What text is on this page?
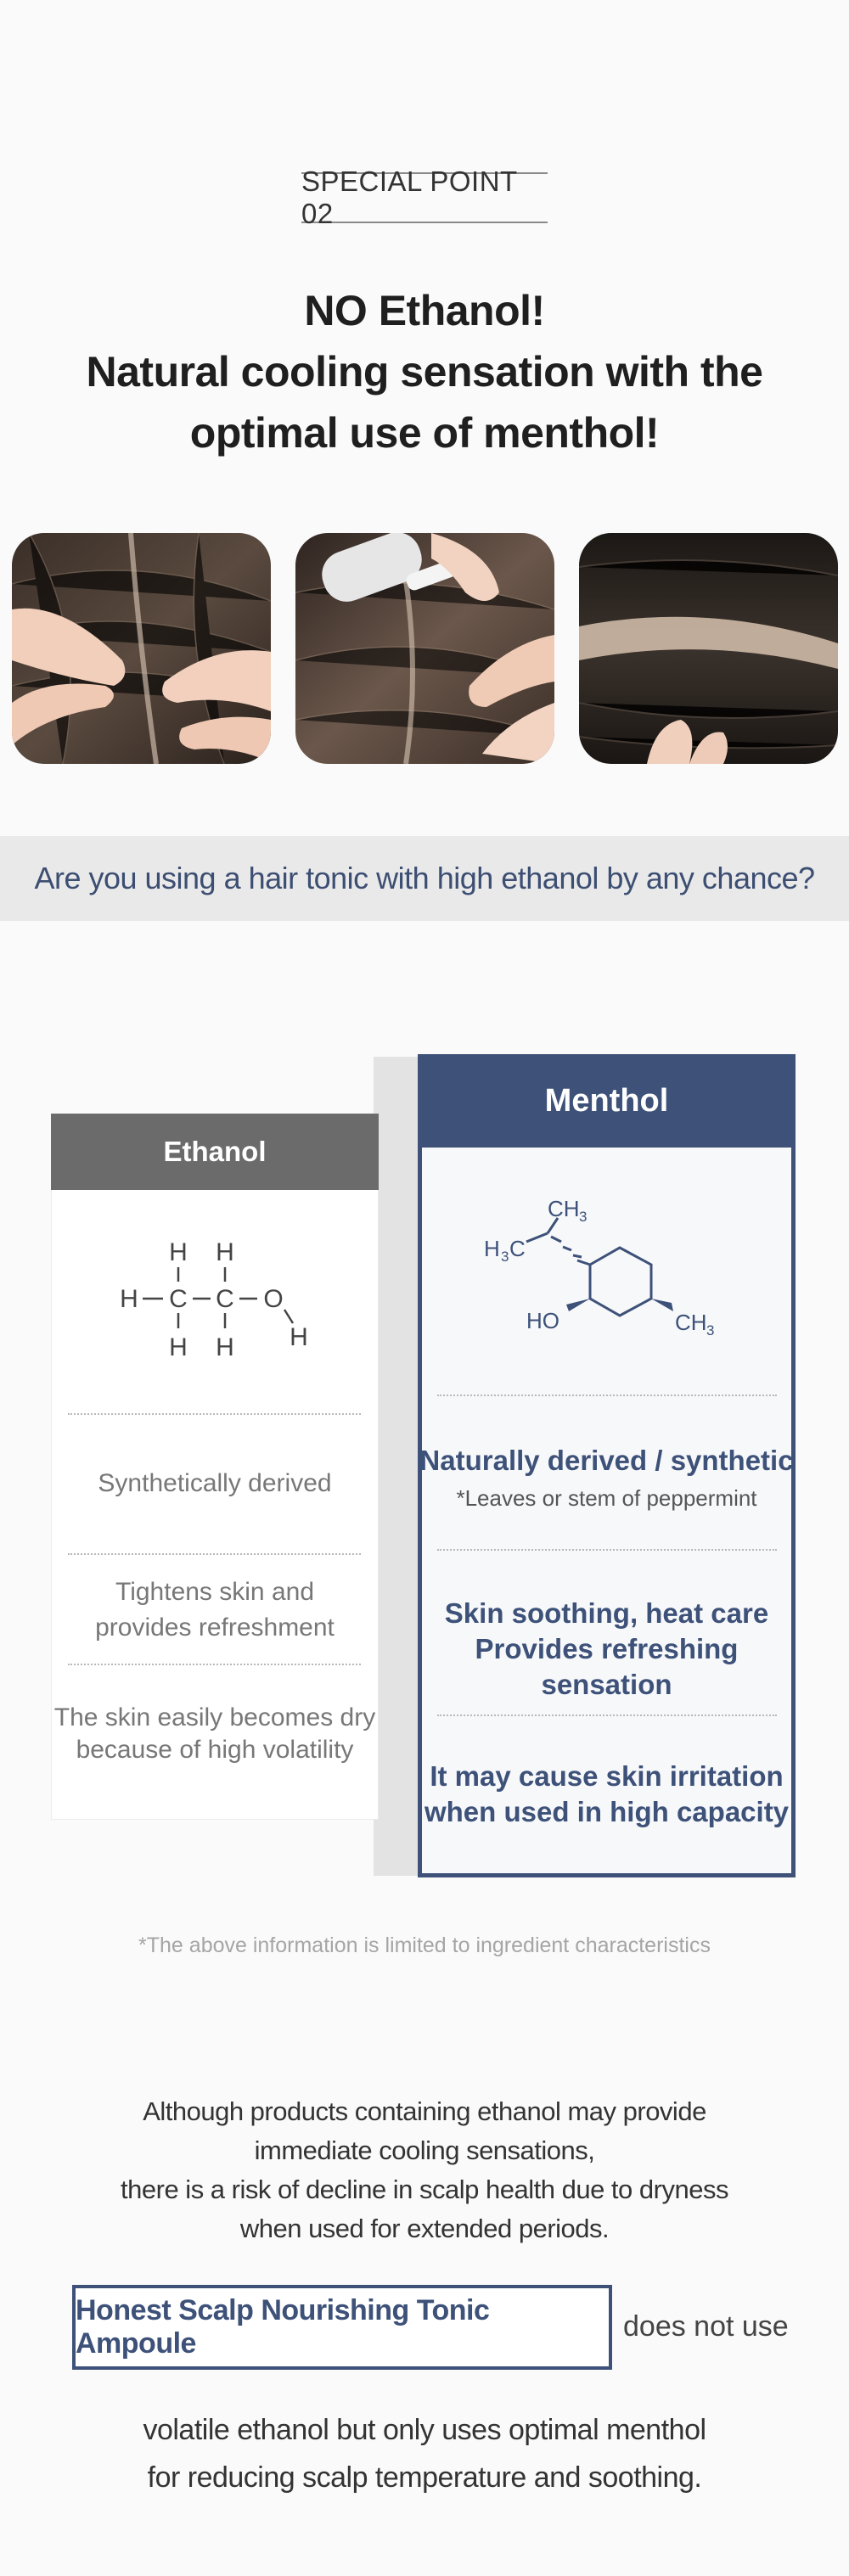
SPECIAL POINT 02
NO Ethanol!
Natural cooling sensation with the
optimal use of menthol!
Are you using a hair tonic with high ethanol by any chance?
Ethanol
H H
H C C O
H H H
Synthetically derived
Tightens skin and
provides refreshment
The skin easily becomes dry
because of high volatility
Menthol
CH 3
H 3 C
HO	CH 3
Naturally derived / synthetic
*Leaves or stem of peppermint
Skin soothing, heat care
Provides refreshing sensation
It may cause skin irritation
when used in high capacity
*The above information is limited to ingredient characteristics
Although products containing ethanol may provide
immediate cooling sensations,
there is a risk of decline in scalp health due to dryness
when used for extended periods.
Honest Scalp Nourishing Tonic Ampoule
does not use
volatile ethanol but only uses optimal menthol
for reducing scalp temperature and soothing.
